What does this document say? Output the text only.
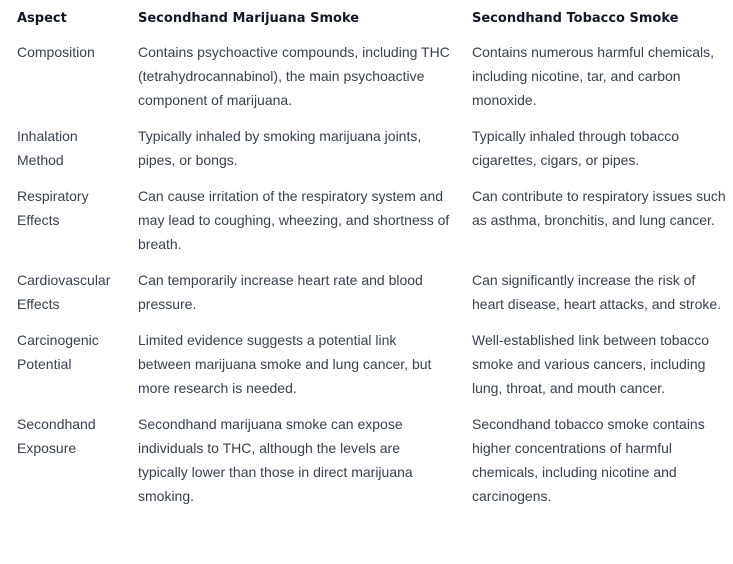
Aspect	Secondhand Marijuana Smoke	Secondhand Tobacco Smoke
Composition	Contains psychoactive compounds, including THC (tetrahydrocannabinol), the main psychoactive component of marijuana.	Contains numerous harmful chemicals, including nicotine, tar, and carbon monoxide.
Inhalation Method	Typically inhaled by smoking marijuana joints, pipes, or bongs.	Typically inhaled through tobacco cigarettes, cigars, or pipes.
Respiratory Effects	Can cause irritation of the respiratory system and may lead to coughing, wheezing, and shortness of breath.	Can contribute to respiratory issues such as asthma, bronchitis, and lung cancer.
Cardiovascular Effects	Can temporarily increase heart rate and blood pressure.	Can significantly increase the risk of heart disease, heart attacks, and stroke.
Carcinogenic Potential	Limited evidence suggests a potential link between marijuana smoke and lung cancer, but more research is needed.	Well-established link between tobacco smoke and various cancers, including lung, throat, and mouth cancer.
Secondhand Exposure	Secondhand marijuana smoke can expose individuals to THC, although the levels are typically lower than those in direct marijuana smoking.	Secondhand tobacco smoke contains higher concentrations of harmful chemicals, including nicotine and carcinogens.
